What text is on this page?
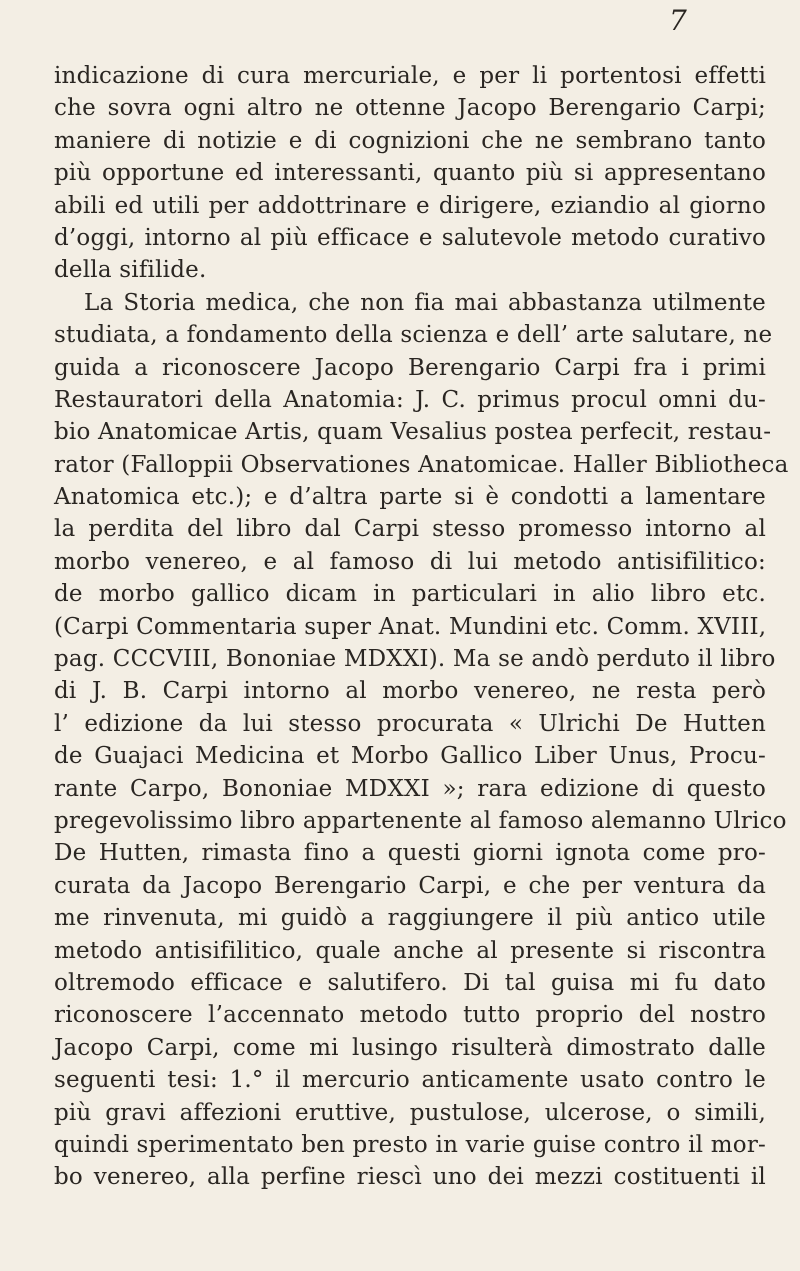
7
indicazione di cura mercuriale, e per li portentosi effetti
che sovra ogni altro ne ottenne Jacopo Berengario Carpi;
maniere di notizie e di cognizioni che ne sembrano tanto
più opportune ed interessanti, quanto più si appresentano
abili ed utili per addottrinare e dirigere, eziandio al giorno
d’oggi, intorno al più efficace e salutevole metodo curativo
della sifilide.
La Storia medica, che non fia mai abbastanza utilmente
studiata, a fondamento della scienza e dell’ arte salutare, ne
guida a riconoscere Jacopo Berengario Carpi fra i primi
Restauratori della Anatomia: J. C. primus procul omni du-
bio Anatomicae Artis, quam Vesalius postea perfecit, restau-
rator (Falloppii Observationes Anatomicae. Haller Bibliotheca
Anatomica etc.); e d’altra parte si è condotti a lamentare
la perdita del libro dal Carpi stesso promesso intorno al
morbo venereo, e al famoso di lui metodo antisifilitico:
de morbo gallico dicam in particulari in alio libro etc.
(Carpi Commentaria super Anat. Mundini etc. Comm. XVIII,
pag. CCCVIII, Bononiae MDXXI). Ma se andò perduto il libro
di J. B. Carpi intorno al morbo venereo, ne resta però
l’ edizione da lui stesso procurata « Ulrichi De Hutten
de Guajaci Medicina et Morbo Gallico Liber Unus, Procu-
rante Carpo, Bononiae MDXXI »; rara edizione di questo
pregevolissimo libro appartenente al famoso alemanno Ulrico
De Hutten, rimasta fino a questi giorni ignota come pro-
curata da Jacopo Berengario Carpi, e che per ventura da
me rinvenuta, mi guidò a raggiungere il più antico utile
metodo antisifilitico, quale anche al presente si riscontra
oltremodo efficace e salutifero. Di tal guisa mi fu dato
riconoscere l’accennato metodo tutto proprio del nostro
Jacopo Carpi, come mi lusingo risulterà dimostrato dalle
seguenti tesi: 1.° il mercurio anticamente usato contro le
più gravi affezioni eruttive, pustulose, ulcerose, o simili,
quindi sperimentato ben presto in varie guise contro il mor-
bo venereo, alla perfine riescì uno dei mezzi costituenti il
